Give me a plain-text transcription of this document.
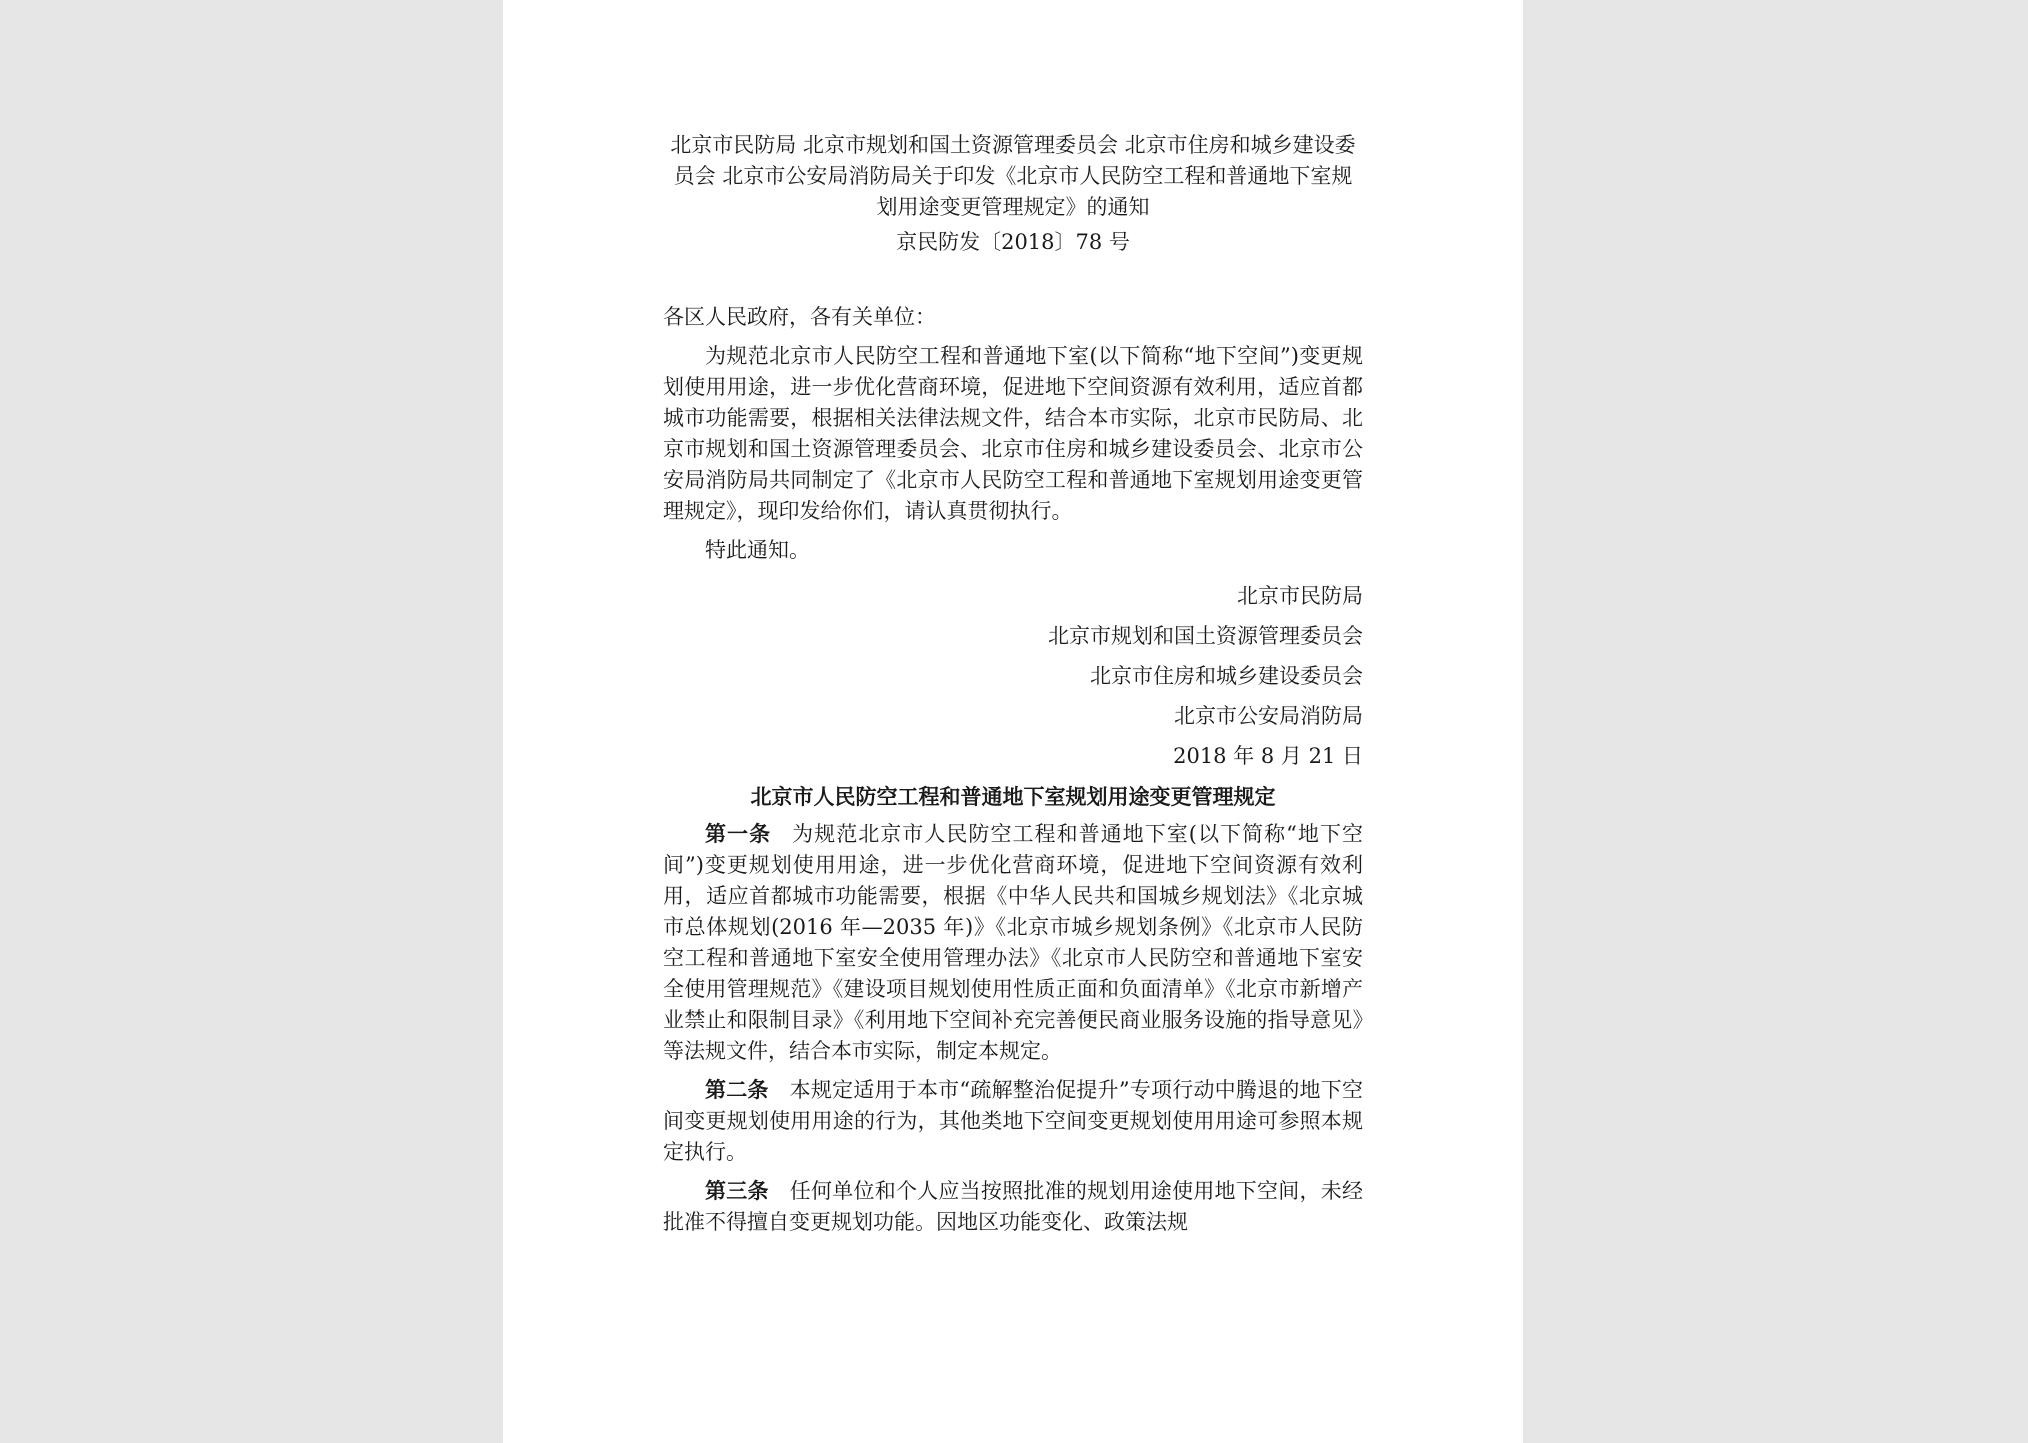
北京市民防局 北京市规划和国土资源管理委员会 北京市住房和城乡建设委员会 北京市公安局消防局关于印发《北京市人民防空工程和普通地下室规划用途变更管理规定》的通知

京民防发〔2018〕78 号

各区人民政府，各有关单位：

为规范北京市人民防空工程和普通地下室(以下简称“地下空间”)变更规划使用用途，进一步优化营商环境，促进地下空间资源有效利用，适应首都城市功能需要，根据相关法律法规文件，结合本市实际，北京市民防局、北京市规划和国土资源管理委员会、北京市住房和城乡建设委员会、北京市公安局消防局共同制定了《北京市人民防空工程和普通地下室规划用途变更管理规定》，现印发给你们，请认真贯彻执行。

特此通知。

北京市民防局
北京市规划和国土资源管理委员会
北京市住房和城乡建设委员会
北京市公安局消防局
2018 年 8 月 21 日

北京市人民防空工程和普通地下室规划用途变更管理规定

第一条 为规范北京市人民防空工程和普通地下室(以下简称“地下空间”)变更规划使用用途，进一步优化营商环境，促进地下空间资源有效利用，适应首都城市功能需要，根据《中华人民共和国城乡规划法》《北京城市总体规划(2016 年—2035 年)》《北京市城乡规划条例》《北京市人民防空工程和普通地下室安全使用管理办法》《北京市人民防空和普通地下室安全使用管理规范》《建设项目规划使用性质正面和负面清单》《北京市新增产业禁止和限制目录》《利用地下空间补充完善便民商业服务设施的指导意见》等法规文件，结合本市实际，制定本规定。

第二条 本规定适用于本市“疏解整治促提升”专项行动中腾退的地下空间变更规划使用用途的行为，其他类地下空间变更规划使用用途可参照本规定执行。

第三条 任何单位和个人应当按照批准的规划用途使用地下空间，未经批准不得擅自变更规划功能。因地区功能变化、政策法规
